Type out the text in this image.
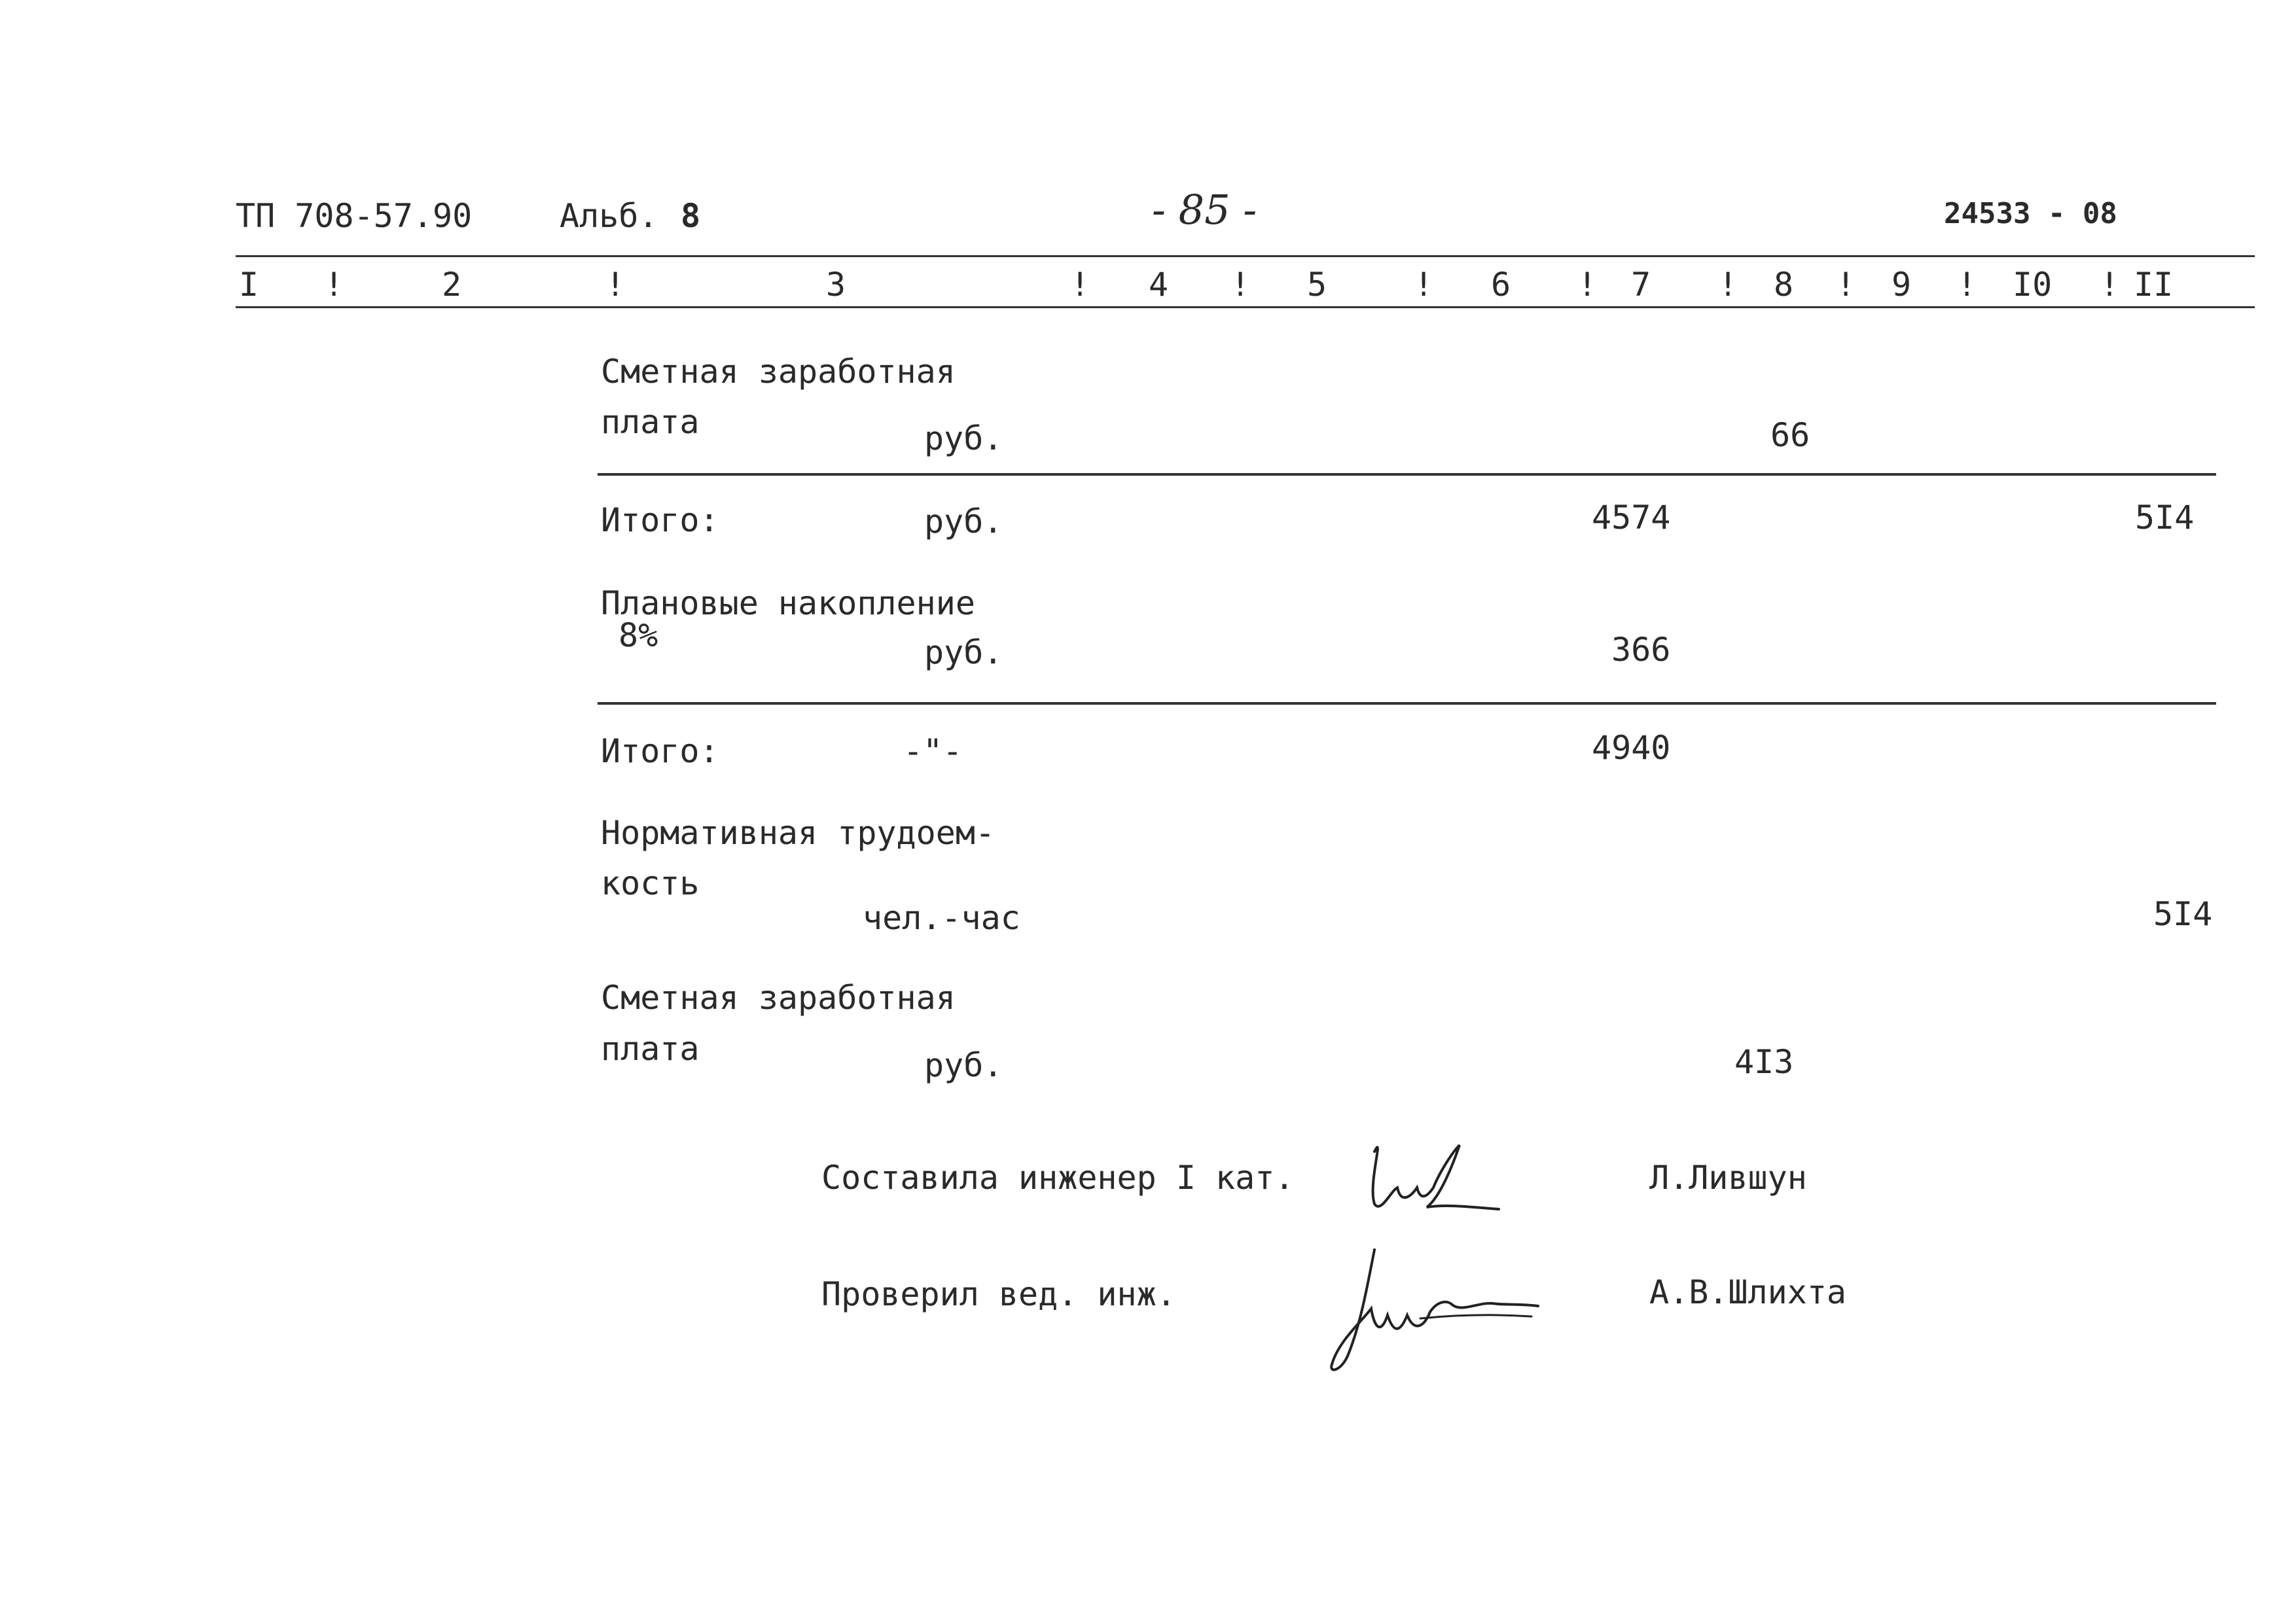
ТП 708-57.90	Альб. 8	- 85 -	24533 - 08
I !	2	!	3	! 4 ! 5	! 6 ! 7 ! 8 ! 9 ! I0 ! II
Сметная заработная
плата	руб.	66
Итого:	руб.	4574	5I4
Плановые накопление
8%	руб.	366
Итого:	-"-	4940
Нормативная трудоем-
кость
чел.-час	5I4
Сметная заработная
плата	руб.	4I3
Составила инженер I кат.	Л.Лившун
Проверил вед. инж.	А.В.Шлихта
